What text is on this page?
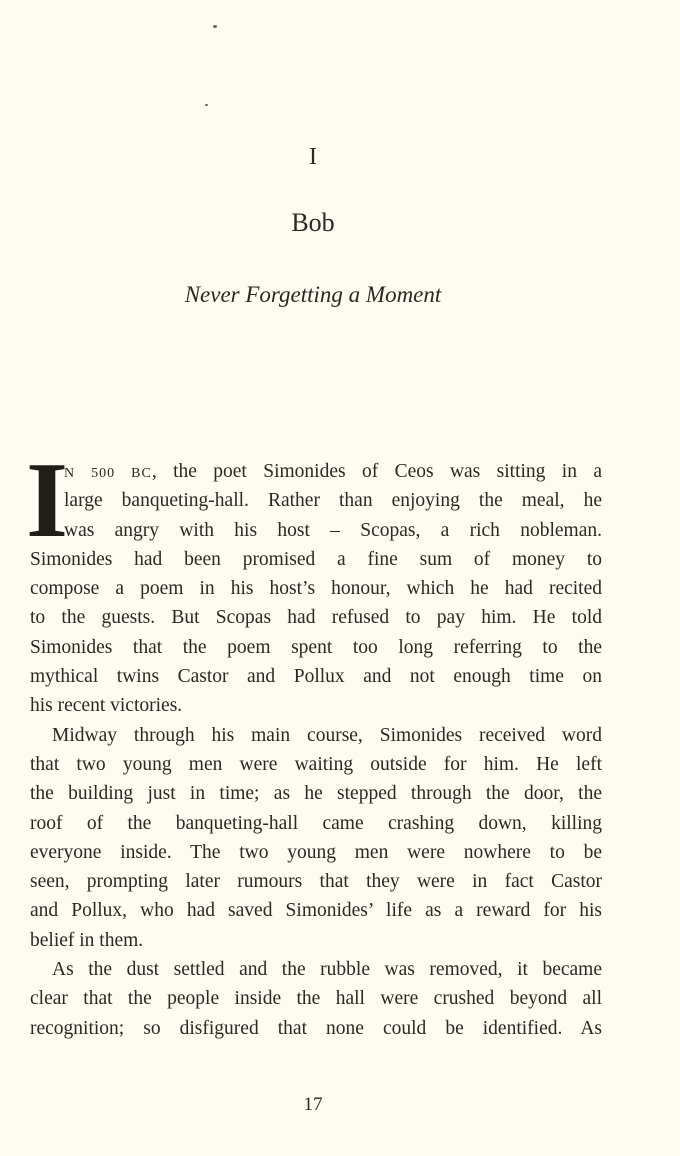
I
Bob
Never Forgetting a Moment
I
N 500 BC, the poet Simonides of Ceos was sitting in a
large banqueting-hall. Rather than enjoying the meal, he
was angry with his host – Scopas, a rich nobleman.
Simonides had been promised a fine sum of money to
compose a poem in his host’s honour, which he had recited
to the guests. But Scopas had refused to pay him. He told
Simonides that the poem spent too long referring to the
mythical twins Castor and Pollux and not enough time on
his recent victories.
Midway through his main course, Simonides received word
that two young men were waiting outside for him. He left
the building just in time; as he stepped through the door, the
roof of the banqueting-hall came crashing down, killing
everyone inside. The two young men were nowhere to be
seen, prompting later rumours that they were in fact Castor
and Pollux, who had saved Simonides’ life as a reward for his
belief in them.
As the dust settled and the rubble was removed, it became
clear that the people inside the hall were crushed beyond all
recognition; so disfigured that none could be identified. As
17
